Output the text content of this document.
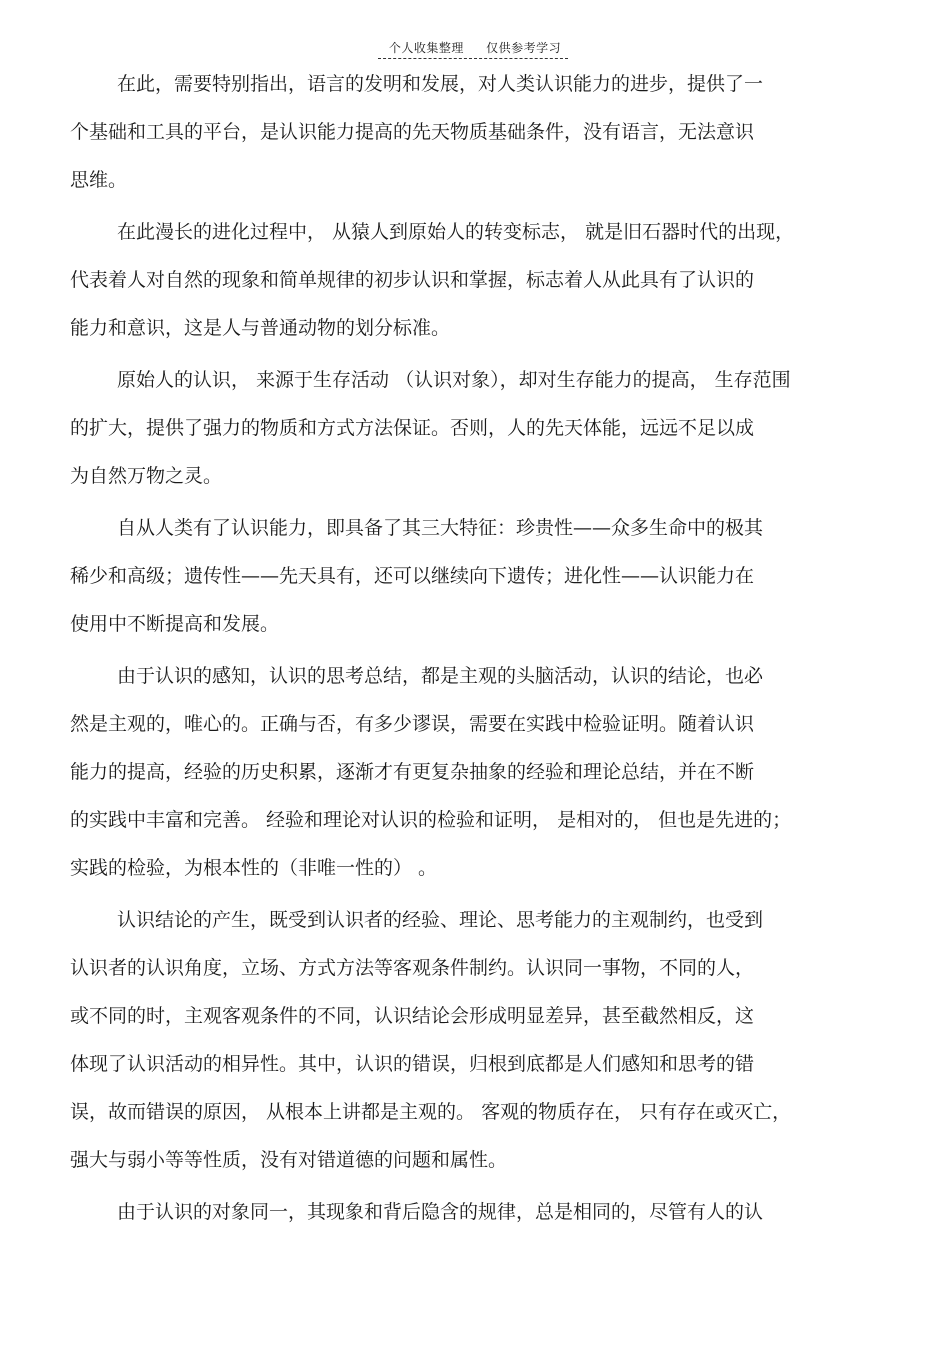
个人收集整理 仅供参考学习
在此，需要特别指出，语言的发明和发展，对人类认识能力的进步，提供了一
个基础和工具的平台，是认识能力提高的先天物质基础条件，没有语言，无法意识
思维。
在此漫长的进化过程中， 从猿人到原始人的转变标志， 就是旧石器时代的出现，
代表着人对自然的现象和简单规律的初步认识和掌握，标志着人从此具有了认识的
能力和意识，这是人与普通动物的划分标准。
原始人的认识， 来源于生存活动 （认识对象），却对生存能力的提高， 生存范围
的扩大，提供了强力的物质和方式方法保证。否则，人的先天体能，远远不足以成
为自然万物之灵。
自从人类有了认识能力，即具备了其三大特征：珍贵性——众多生命中的极其
稀少和高级；遗传性——先天具有，还可以继续向下遗传；进化性——认识能力在
使用中不断提高和发展。
由于认识的感知，认识的思考总结，都是主观的头脑活动，认识的结论，也必
然是主观的，唯心的。正确与否，有多少谬误，需要在实践中检验证明。随着认识
能力的提高，经验的历史积累，逐渐才有更复杂抽象的经验和理论总结，并在不断
的实践中丰富和完善。 经验和理论对认识的检验和证明， 是相对的， 但也是先进的；
实践的检验，为根本性的（非唯一性的） 。
认识结论的产生，既受到认识者的经验、理论、思考能力的主观制约，也受到
认识者的认识角度，立场、方式方法等客观条件制约。认识同一事物，不同的人，
或不同的时，主观客观条件的不同，认识结论会形成明显差异，甚至截然相反，这
体现了认识活动的相异性。其中，认识的错误，归根到底都是人们感知和思考的错
误，故而错误的原因， 从根本上讲都是主观的。 客观的物质存在， 只有存在或灭亡，
强大与弱小等等性质，没有对错道德的问题和属性。
由于认识的对象同一，其现象和背后隐含的规律，总是相同的，尽管有人的认
